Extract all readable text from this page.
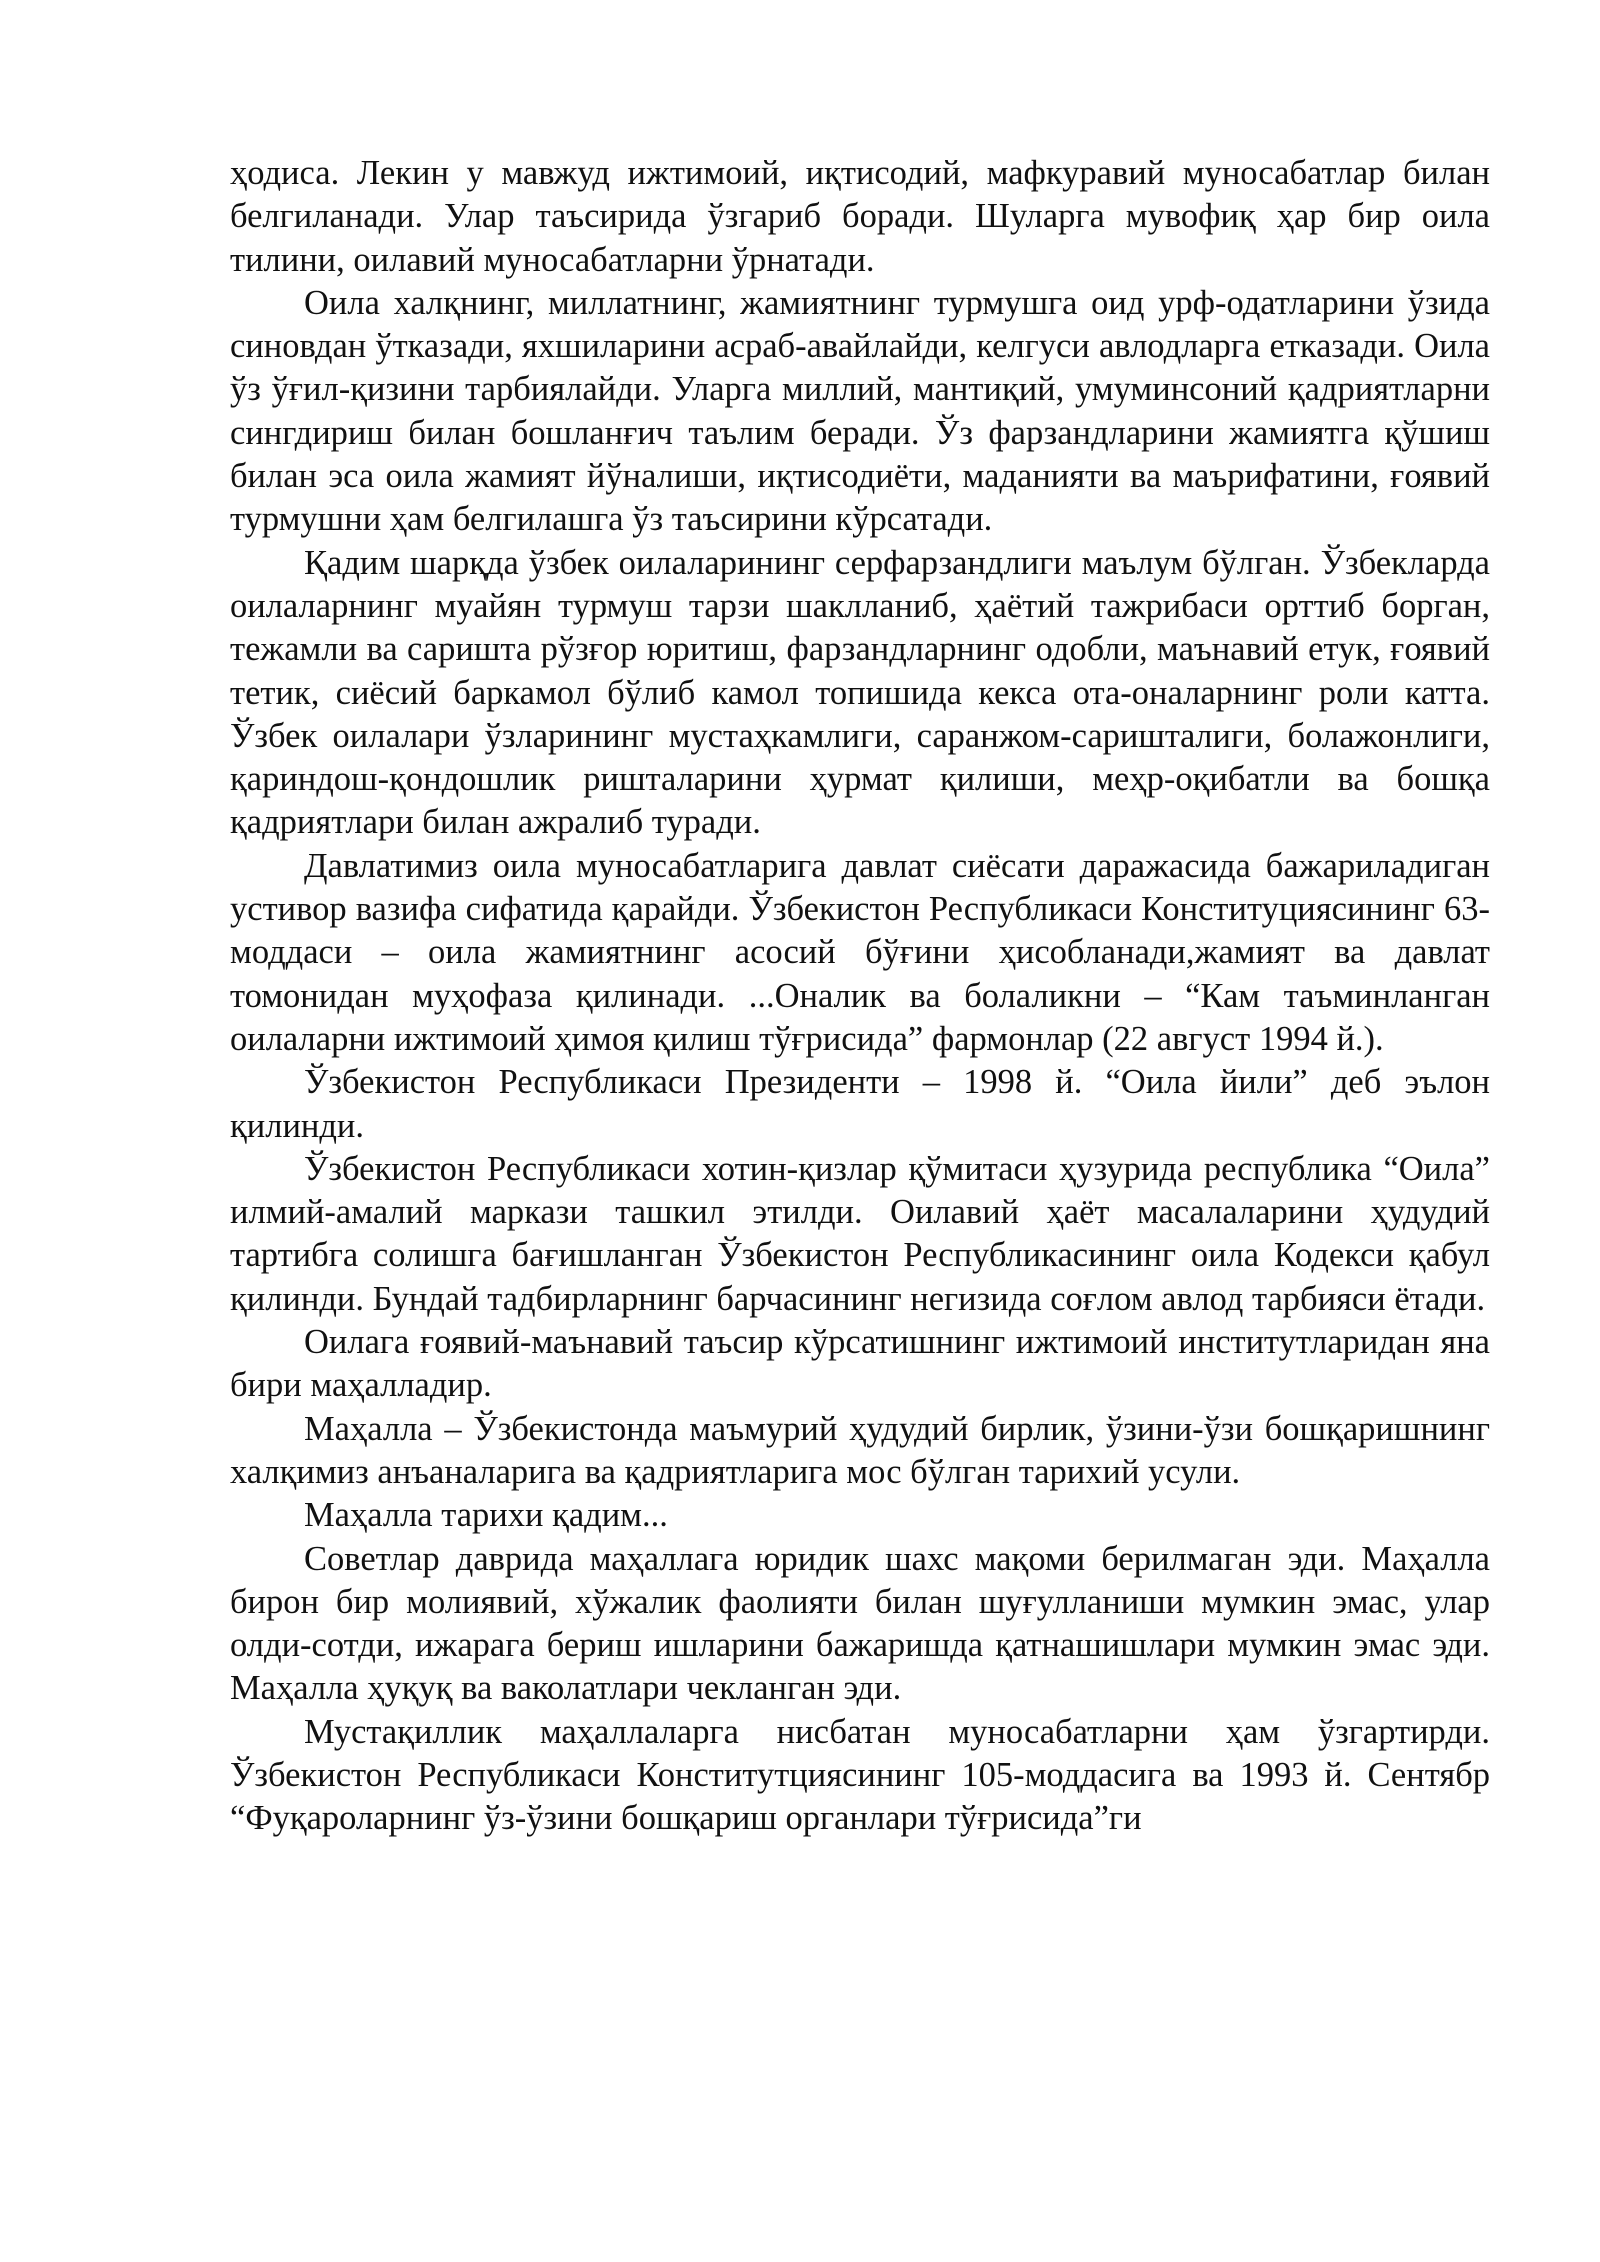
ҳодиса. Лекин у мавжуд ижтимоий, иқтисодий, мафкуравий муносабатлар билан белгиланади. Улар таъсирида ўзгариб боради. Шуларга мувофиқ ҳар бир оила тилини, оилавий муносабатларни ўрнатади.

Оила халқнинг, миллатнинг, жамиятнинг турмушга оид урф-одатларини ўзида синовдан ўтказади, яхшиларини асраб-авайлайди, келгуси авлодларга етказади. Оила ўз ўғил-қизини тарбиялайди. Уларга миллий, мантиқий, умуминсоний қадриятларни сингдириш билан бошланғич таълим беради. Ўз фарзандларини жамиятга қўшиш билан эса оила жамият йўналиши, иқтисодиёти, маданияти ва маърифатини, ғоявий турмушни ҳам белгилашга ўз таъсирини кўрсатади.

Қадим шарқда ўзбек оилаларининг серфарзандлиги маълум бўлган. Ўзбекларда оилаларнинг муайян турмуш тарзи шаклланиб, ҳаётий тажрибаси орттиб борган, тежамли ва саришта рўзғор юритиш, фарзандларнинг одобли, маънавий етук, ғоявий тетик, сиёсий баркамол бўлиб камол топишида кекса ота-оналарнинг роли катта. Ўзбек оилалари ўзларининг мустаҳкамлиги, саранжом-сариштaлиги, болажонлиги, қариндош-қондошлик ришталарини ҳурмат қилиши, меҳр-оқибатли ва бошқа қадриятлари билан ажралиб туради.

Давлатимиз оила муносабатларига давлат сиёсати даражасида бажариладиган устивор вазифа сифатида қарайди. Ўзбекистон Республикаси Конституциясининг 63-моддаси – оила жамиятнинг асосий бўғини ҳисобланади,жамият ва давлат томонидан муҳофаза қилинади. ...Оналик ва болаликни – “Кам таъминланган оилаларни ижтимоий ҳимоя қилиш тўғрисида” фармонлар (22 август 1994 й.).

Ўзбекистон Республикаси Президенти – 1998 й. “Оила йили” деб эълон қилинди.

Ўзбекистон Республикаси хотин-қизлар қўмитаси ҳузурида республика “Оила” илмий-амалий маркази ташкил этилди. Оилавий ҳаёт масалаларини ҳудудий тартибга солишга бағишланган Ўзбекистон Республикасининг оила Кодекси қабул қилинди. Бундай тадбирларнинг барчасининг негизида соғлом авлод тарбияси ётади.

Оилага ғоявий-маънавий таъсир кўрсатишнинг ижтимоий институтларидан яна бири маҳалладир.

Маҳалла – Ўзбекистонда маъмурий ҳудудий бирлик, ўзини-ўзи бошқаришнинг халқимиз анъаналарига ва қадриятларига мос бўлган тарихий усули.

Маҳалла тарихи қадим...

Советлар даврида маҳаллага юридик шахс мақоми берилмаган эди. Маҳалла бирон бир молиявий, хўжалик фаолияти билан шуғулланиши мумкин эмас, улар олди-сотди, ижарага бериш ишларини бажаришда қатнашишлари мумкин эмас эди. Маҳалла ҳуқуқ ва ваколатлари чекланган эди.

Мустақиллик маҳаллаларга нисбатан муносабатларни ҳам ўзгартирди. Ўзбекистон Республикаси Конститутциясининг 105-моддасига ва 1993 й. Сентябр “Фуқароларнинг ўз-ўзини бошқариш органлари тўғрисида”ги
